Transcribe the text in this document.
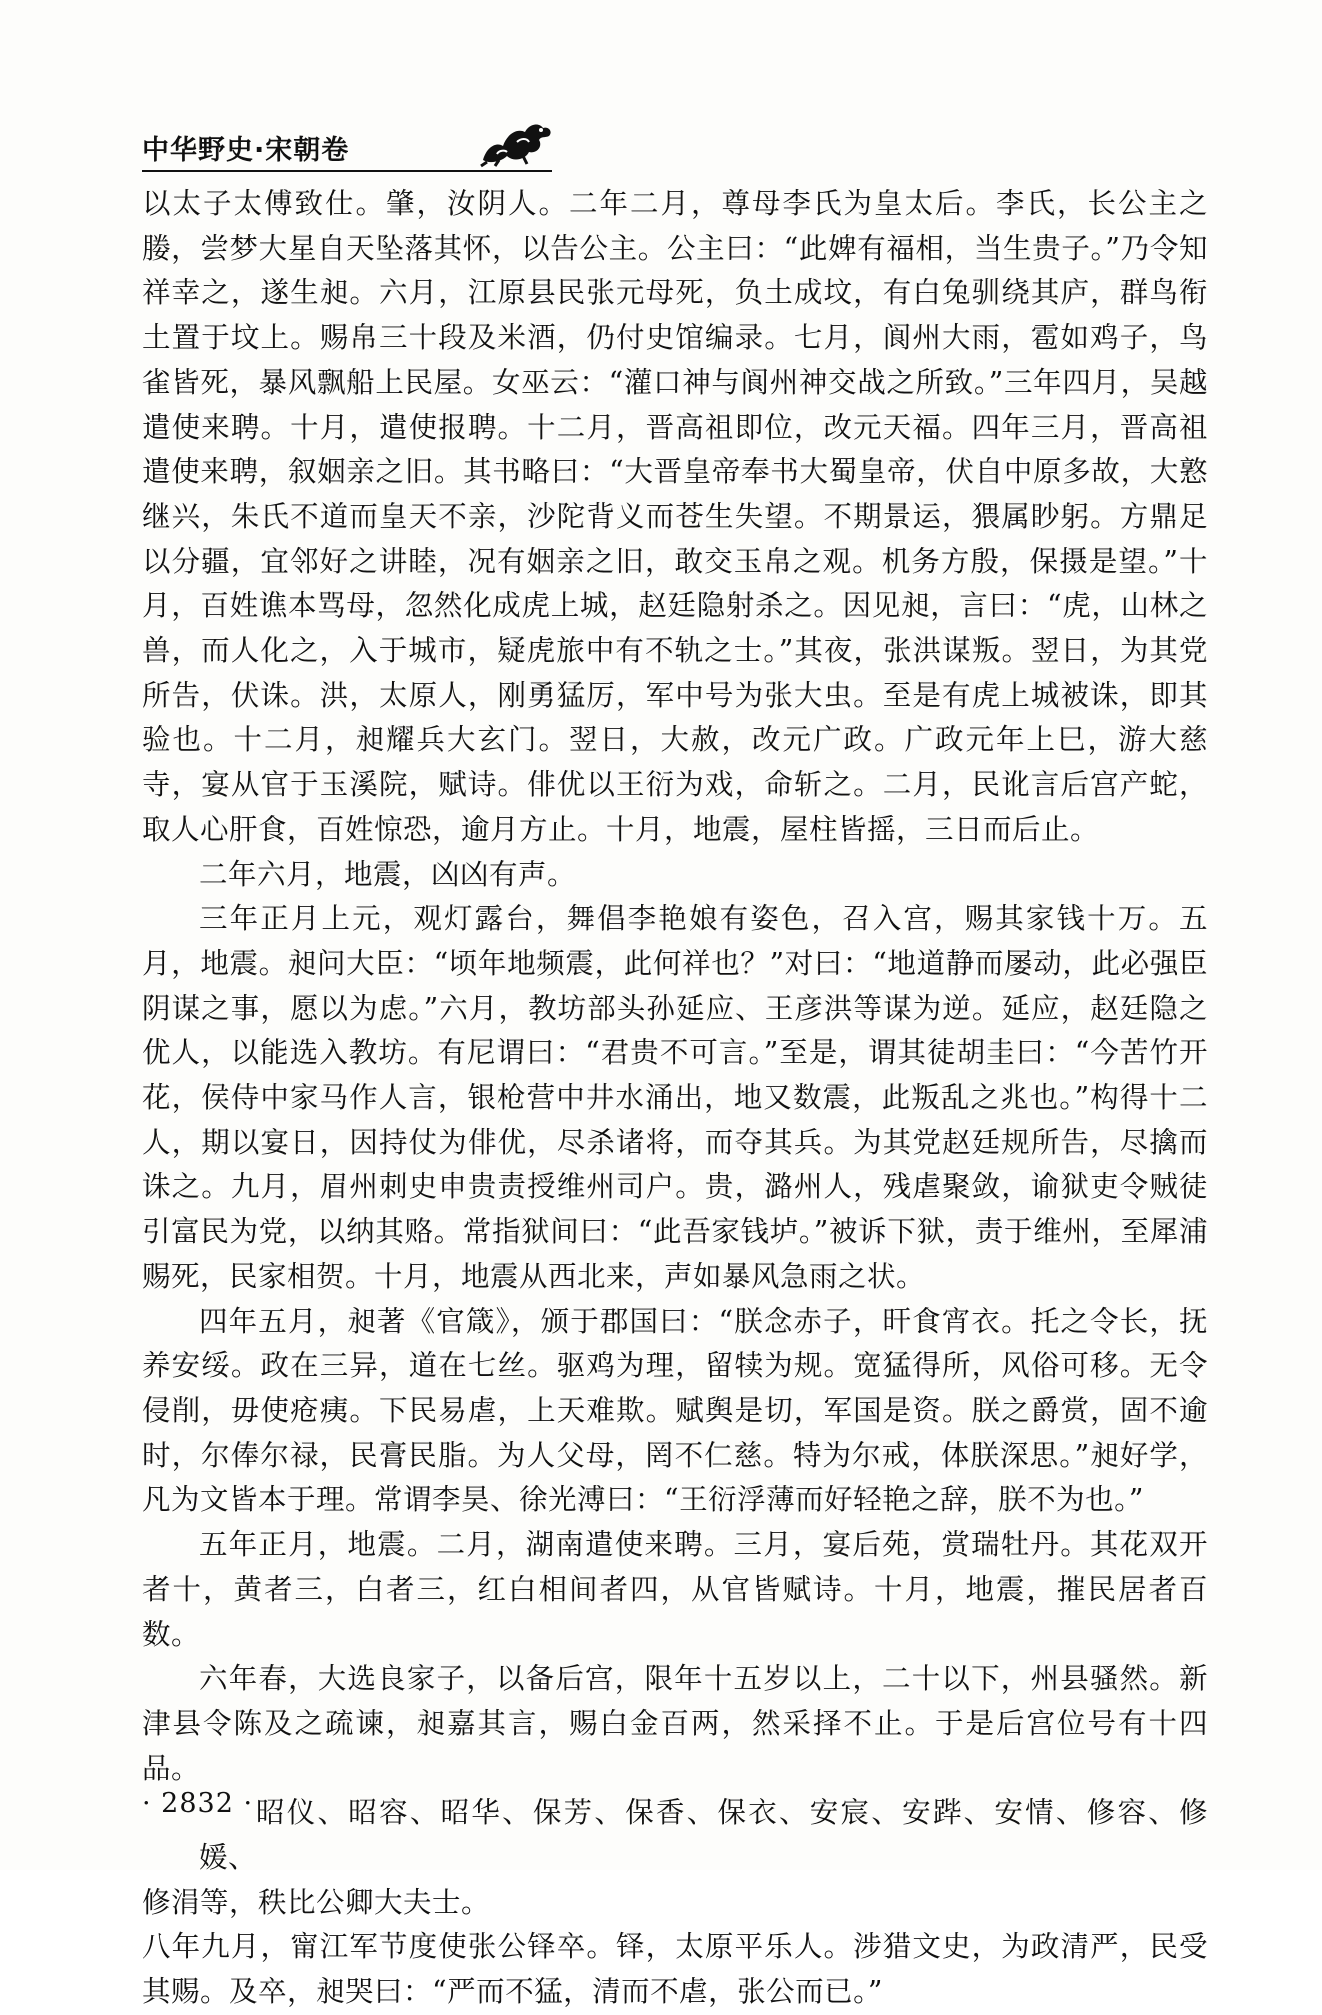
中华野史·宋朝卷

以太子太傅致仕。肇，汝阴人。二年二月，尊母李氏为皇太后。李氏，长公主之媵，尝梦大星自天坠落其怀，以告公主。公主曰：“此婢有福相，当生贵子。”乃令知祥幸之，遂生昶。六月，江原县民张元母死，负土成坟，有白兔驯绕其庐，群鸟衔土置于坟上。赐帛三十段及米酒，仍付史馆编录。七月，阆州大雨，雹如鸡子，鸟雀皆死，暴风飘船上民屋。女巫云：“灌口神与阆州神交战之所致。”三年四月，吴越遣使来聘。十月，遣使报聘。十二月，晋高祖即位，改元天福。四年三月，晋高祖遣使来聘，叙姻亲之旧。其书略曰：“大晋皇帝奉书大蜀皇帝，伏自中原多故，大憝继兴，朱氏不道而皇天不亲，沙陀背义而苍生失望。不期景运，猥属眇躬。方鼎足以分疆，宜邻好之讲睦，况有姻亲之旧，敢交玉帛之观。机务方殷，保摄是望。”十月，百姓谯本骂母，忽然化成虎上城，赵廷隐射杀之。因见昶，言曰：“虎，山林之兽，而人化之，入于城市，疑虎旅中有不轨之士。”其夜，张洪谋叛。翌日，为其党所告，伏诛。洪，太原人，刚勇猛厉，军中号为张大虫。至是有虎上城被诛，即其验也。十二月，昶耀兵大玄门。翌日，大赦，改元广政。广政元年上巳，游大慈寺，宴从官于玉溪院，赋诗。俳优以王衍为戏，命斩之。二月，民讹言后宫产蛇，取人心肝食，百姓惊恐，逾月方止。十月，地震，屋柱皆摇，三日而后止。

二年六月，地震，凶凶有声。

三年正月上元，观灯露台，舞倡李艳娘有姿色，召入宫，赐其家钱十万。五月，地震。昶问大臣：“顷年地频震，此何祥也？”对曰：“地道静而屡动，此必强臣阴谋之事，愿以为虑。”六月，教坊部头孙延应、王彦洪等谋为逆。延应，赵廷隐之优人，以能选入教坊。有尼谓曰：“君贵不可言。”至是，谓其徒胡圭曰：“今苦竹开花，侯侍中家马作人言，银枪营中井水涌出，地又数震，此叛乱之兆也。”构得十二人，期以宴日，因持仗为俳优，尽杀诸将，而夺其兵。为其党赵廷规所告，尽擒而诛之。九月，眉州刺史申贵责授维州司户。贵，潞州人，残虐聚敛，谕狱吏令贼徒引富民为党，以纳其赂。常指狱间曰：“此吾家钱垆。”被诉下狱，责于维州，至犀浦赐死，民家相贺。十月，地震从西北来，声如暴风急雨之状。

四年五月，昶著《官箴》，颁于郡国曰：“朕念赤子，旰食宵衣。托之令长，抚养安绥。政在三异，道在七丝。驱鸡为理，留犊为规。宽猛得所，风俗可移。无令侵削，毋使疮痍。下民易虐，上天难欺。赋舆是切，军国是资。朕之爵赏，固不逾时，尔俸尔禄，民膏民脂。为人父母，罔不仁慈。特为尔戒，体朕深思。”昶好学，凡为文皆本于理。常谓李昊、徐光溥曰：“王衍浮薄而好轻艳之辞，朕不为也。”

五年正月，地震。二月，湖南遣使来聘。三月，宴后苑，赏瑞牡丹。其花双开者十，黄者三，白者三，红白相间者四，从官皆赋诗。十月，地震，摧民居者百数。

六年春，大选良家子，以备后宫，限年十五岁以上，二十以下，州县骚然。新津县令陈及之疏谏，昶嘉其言，赐白金百两，然采择不止。于是后宫位号有十四品。

昭仪、昭容、昭华、保芳、保香、保衣、安宸、安跸、安情、修容、修媛、

修涓等，秩比公卿大夫士。

八年九月，甯江军节度使张公铎卒。铎，太原平乐人。涉猎文史，为政清严，民受其赐。及卒，昶哭曰：“严而不猛，清而不虐，张公而已。”

· 2832 ·
